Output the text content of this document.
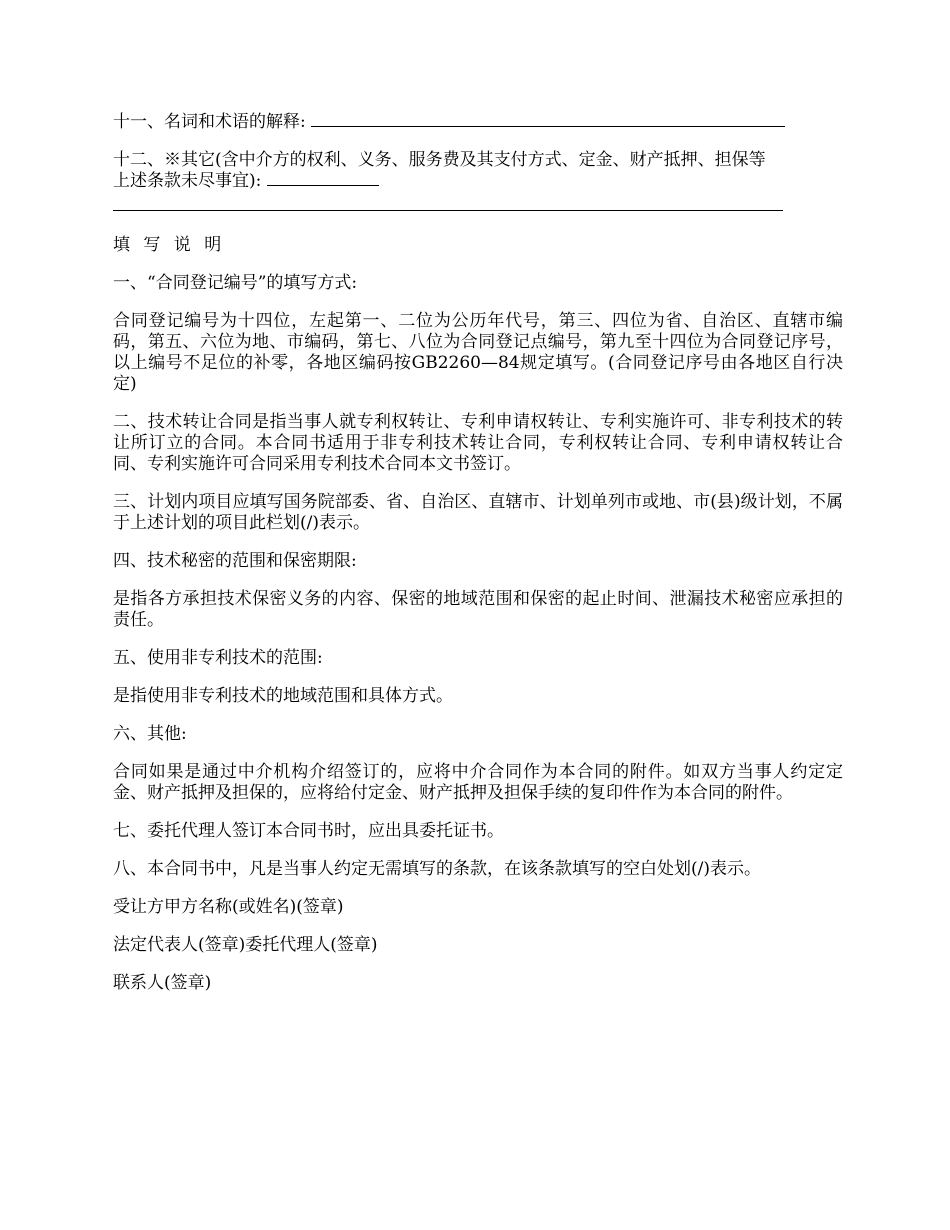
十一、名词和术语的解释:

十二、※其它(含中介方的权利、义务、服务费及其支付方式、定金、财产抵押、担保等
上述条款未尽事宜):

填 写 说 明

一、“合同登记编号”的填写方式:

合同登记编号为十四位，左起第一、二位为公历年代号，第三、四位为省、自治区、直辖市编码，第五、六位为地、市编码，第七、八位为合同登记点编号，第九至十四位为合同登记序号，以上编号不足位的补零，各地区编码按GB2260—84规定填写。(合同登记序号由各地区自行决定)

二、技术转让合同是指当事人就专利权转让、专利申请权转让、专利实施许可、非专利技术的转让所订立的合同。本合同书适用于非专利技术转让合同，专利权转让合同、专利申请权转让合同、专利实施许可合同采用专利技术合同本文书签订。

三、计划内项目应填写国务院部委、省、自治区、直辖市、计划单列市或地、市(县)级计划，不属于上述计划的项目此栏划(/)表示。

四、技术秘密的范围和保密期限:

是指各方承担技术保密义务的内容、保密的地域范围和保密的起止时间、泄漏技术秘密应承担的责任。

五、使用非专利技术的范围:

是指使用非专利技术的地域范围和具体方式。

六、其他:

合同如果是通过中介机构介绍签订的，应将中介合同作为本合同的附件。如双方当事人约定定金、财产抵押及担保的，应将给付定金、财产抵押及担保手续的复印件作为本合同的附件。

七、委托代理人签订本合同书时，应出具委托证书。

八、本合同书中，凡是当事人约定无需填写的条款，在该条款填写的空白处划(/)表示。

受让方甲方名称(或姓名)(签章)

法定代表人(签章)委托代理人(签章)

联系人(签章)
